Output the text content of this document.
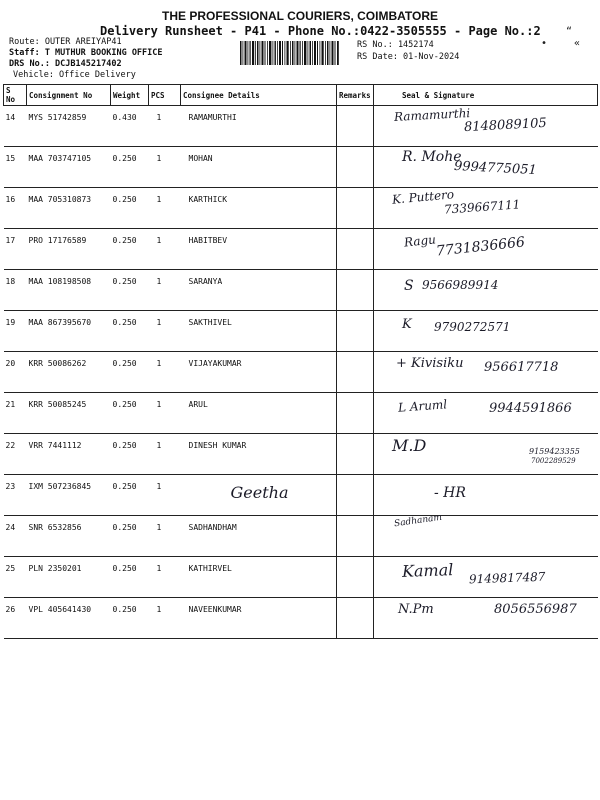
THE PROFESSIONAL COURIERS, COIMBATORE
Delivery Runsheet - P41 - Phone No.:0422-3505555 - Page No.:2
•
“
«
Route: OUTER AREIYAP41
Staff: T MUTHUR BOOKING OFFICE
DRS No.: DCJB145217402
Vehicle: Office Delivery
RS No.: 1452174
RS Date: 01-Nov-2024
S No	Consignment No	Weight	PCS	Consignee Details	Remarks	Seal & Signature

14	MYS 51742859	0.430	1	RAMAMURTHI		Ramamurthi
8148089105

15	MAA 703747105	0.250	1	MOHAN		R. Mohe
9994775051

16	MAA 705310873	0.250	1	KARTHICK		K. Puttero
7339667111

17	PRO 17176589	0.250	1	HABITBEV		Ragu
7731836666

18	MAA 108198508	0.250	1	SARANYA		S 9566989914

19	MAA 867395670	0.250	1	SAKTHIVEL		K 9790272571

20	KRR 50086262	0.250	1	VIJAYAKUMAR		+ Kivisiku 956617718

21	KRR 50085245	0.250	1	ARUL		L Aruml 9944591866

22	VRR 7441112	0.250	1	DINESH KUMAR		M.D 9159423355
7002289529

23	IXM 507236845	0.250	1	Geetha		- HR

24	SNR 6532856	0.250	1	SADHANDHAM		Sadhanam

25	PLN 2350201	0.250	1	KATHIRVEL		Kamal 9149817487

26	VPL 405641430	0.250	1	NAVEENKUMAR		N.Pm 8056556987
